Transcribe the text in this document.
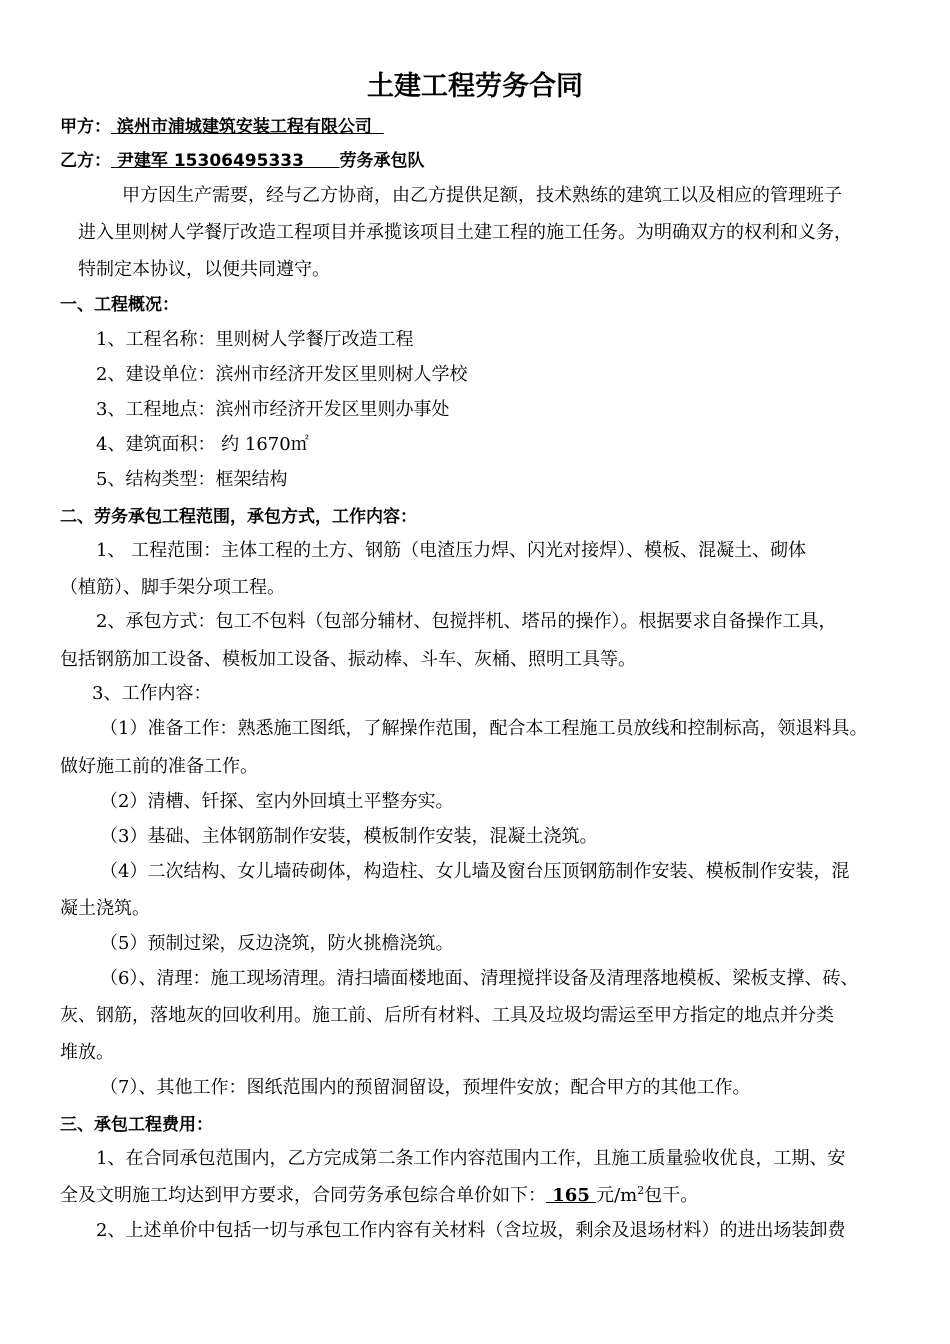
土建工程劳务合同
甲方： 滨州市浦城建筑安装工程有限公司
乙方： 尹建军 15306495333      劳务承包队
甲方因生产需要，经与乙方协商，由乙方提供足额，技术熟练的建筑工以及相应的管理班子
进入里则树人学餐厅改造工程项目并承揽该项目土建工程的施工任务。为明确双方的权利和义务，
特制定本协议，以便共同遵守。
一、工程概况：
1、工程名称：里则树人学餐厅改造工程
2、建设单位：滨州市经济开发区里则树人学校
3、工程地点：滨州市经济开发区里则办事处
4、建筑面积： 约 1670㎡
5、结构类型：框架结构
二、劳务承包工程范围，承包方式，工作内容：
1、 工程范围：主体工程的土方、钢筋（电渣压力焊、闪光对接焊）、模板、混凝土、砌体
（植筋）、脚手架分项工程。
2、承包方式：包工不包料（包部分辅材、包搅拌机、塔吊的操作）。根据要求自备操作工具，
包括钢筋加工设备、模板加工设备、振动棒、斗车、灰桶、照明工具等。
3、工作内容：
（1）准备工作：熟悉施工图纸，了解操作范围，配合本工程施工员放线和控制标高，领退料具。
做好施工前的准备工作。
（2）清槽、钎探、室内外回填土平整夯实。
（3）基础、主体钢筋制作安装，模板制作安装，混凝土浇筑。
（4）二次结构、女儿墙砖砌体，构造柱、女儿墙及窗台压顶钢筋制作安装、模板制作安装，混
凝土浇筑。
（5）预制过梁，反边浇筑，防火挑檐浇筑。
（6）、清理：施工现场清理。清扫墙面楼地面、清理搅拌设备及清理落地模板、梁板支撑、砖、
灰、钢筋，落地灰的回收利用。施工前、后所有材料、工具及垃圾均需运至甲方指定的地点并分类
堆放。
（7）、其他工作：图纸范围内的预留洞留设，预埋件安放；配合甲方的其他工作。
三、承包工程费用：
1、在合同承包范围内，乙方完成第二条工作内容范围内工作，且施工质量验收优良，工期、安
全及文明施工均达到甲方要求，合同劳务承包综合单价如下： 165 元$/m^2$包干。
2、上述单价中包括一切与承包工作内容有关材料（含垃圾，剩余及退场材料）的进出场装卸费
